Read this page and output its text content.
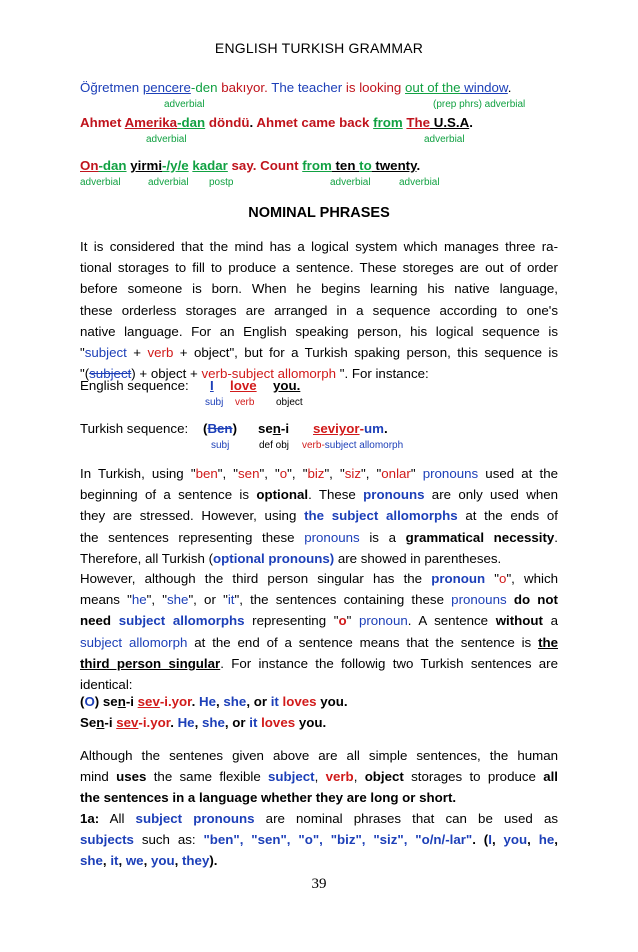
ENGLISH TURKISH GRAMMAR
Öğretmen pencere-den bakıyor. The teacher is looking out of the window.
adverbial	(prep phrs) adverbial
Ahmet Amerika-dan döndü. Ahmet came back from The U.S.A.
adverbial	adverbial
On-dan yirmi-/y/e kadar say. Count from ten to twenty.
adverbial	adverbial postp	adverbial	adverbial
NOMINAL PHRASES
It is considered that the mind has a logical system which manages three ra-
tional storages to fill to produce a sentence. These storeges are out of order
before someone is born. When he begins learning his native language,
these orderless storages are arranged in a sequence according to one's
native language. For an English speaking person, his logical sequence is
"subject + verb + object", but for a Turkish spaking person, this sequence is
"(subject) + object + verb-subject allomorph ". For instance:
English sequence: I love you.
subj verb object
Turkish sequence: (Ben) sen-i seviyor-um.
subj	def obj verb-subject allomorph
In Turkish, using "ben", "sen", "o", "biz", "siz", "onlar" pronouns used at the
beginning of a sentence is optional. These pronouns are only used when
they are stressed. However, using the subject allomorphs at the ends of
the sentences representing these pronouns is a grammatical necessity.
Therefore, all Turkish (optional pronouns) are showed in parentheses.
However, although the third person singular has the pronoun "o", which
means "he", "she", or "it", the sentences containing these pronouns do not
need subject allomorphs representing "o" pronoun. A sentence without a
subject allomorph at the end of a sentence means that the sentence is the
third person singular. For instance the followig two Turkish sentences are
identical:
(O) sen-i sev-i.yor. He, she, or it loves you.
Sen-i sev-i.yor. He, she, or it loves you.
Although the sentenes given above are all simple sentences, the human
mind uses the same flexible subject, verb, object storages to produce all
the sentences in a language whether they are long or short.
1a: All subject pronouns are nominal phrases that can be used as
subjects such as: "ben", "sen", "o", "biz", "siz", "o/n/-lar". (I, you, he,
she, it, we, you, they).
39
